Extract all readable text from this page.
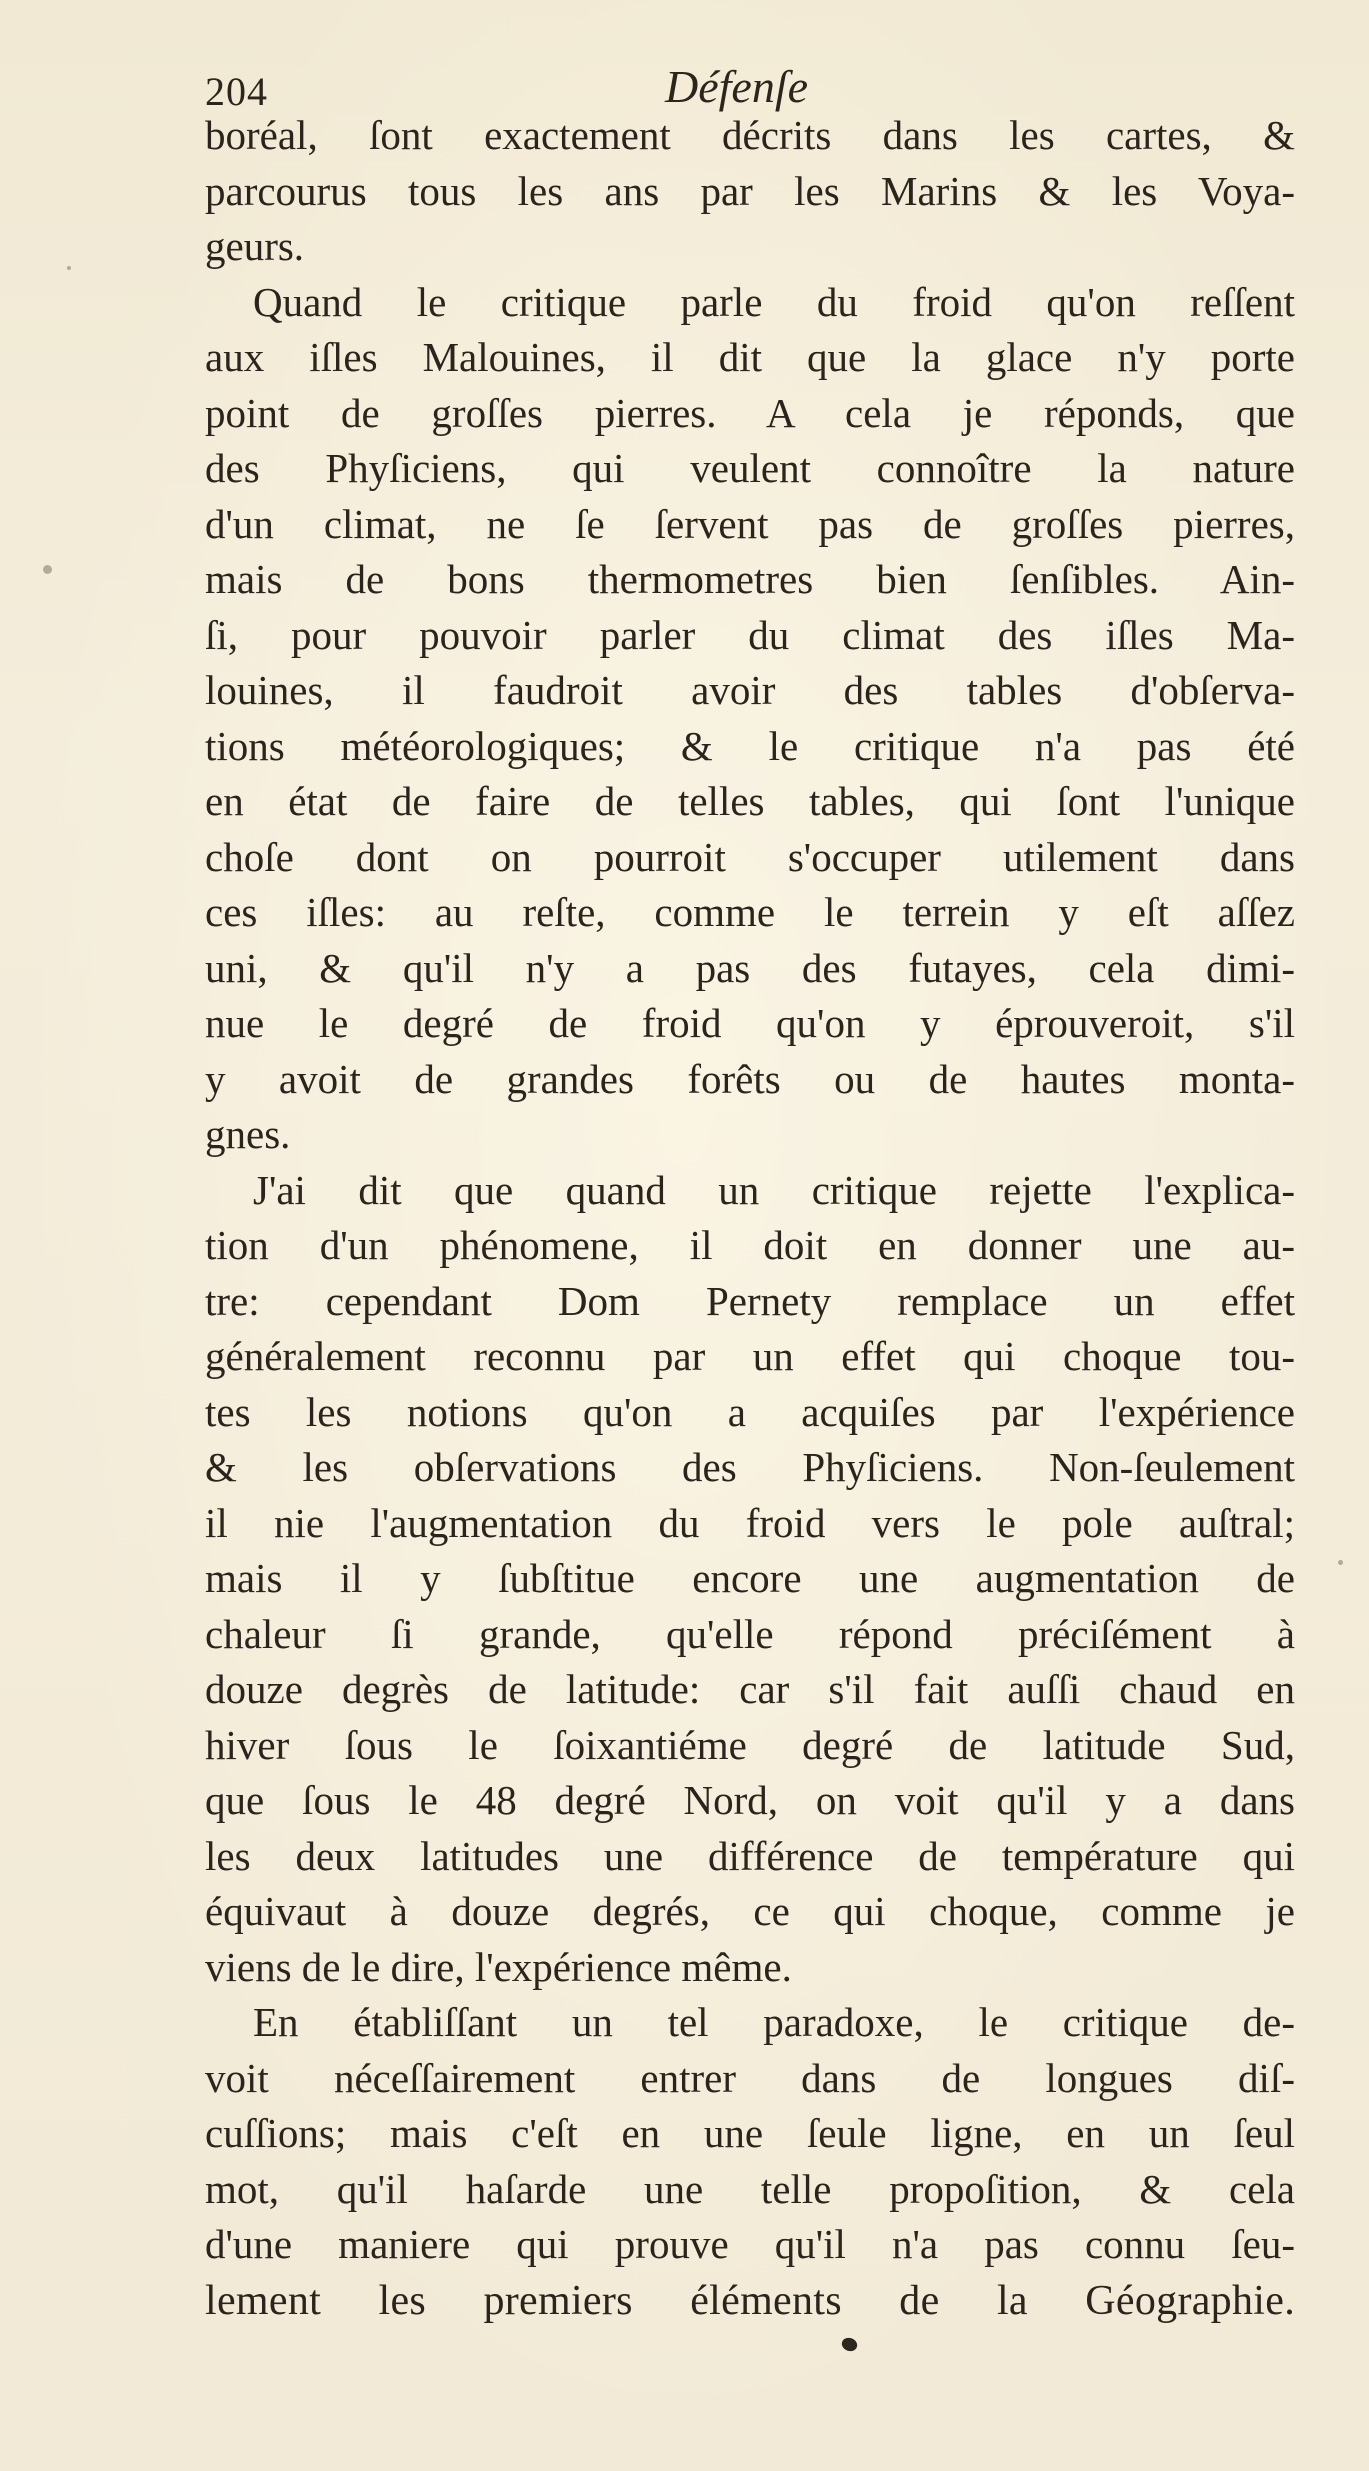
204	Défenſe
boréal, ſont exactement décrits dans les cartes, &
parcourus tous les ans par les Marins & les Voya-
geurs.
Quand le critique parle du froid qu'on reſſent
aux iſles Malouines, il dit que la glace n'y porte
point de groſſes pierres. A cela je réponds, que
des Phyſiciens, qui veulent connoître la nature
d'un climat, ne ſe ſervent pas de groſſes pierres,
mais de bons thermometres bien ſenſibles. Ain-
ſi, pour pouvoir parler du climat des iſles Ma-
louines, il faudroit avoir des tables d'obſerva-
tions météorologiques; & le critique n'a pas été
en état de faire de telles tables, qui ſont l'unique
choſe dont on pourroit s'occuper utilement dans
ces iſles: au reſte, comme le terrein y eſt aſſez
uni, & qu'il n'y a pas des futayes, cela dimi-
nue le degré de froid qu'on y éprouveroit, s'il
y avoit de grandes forêts ou de hautes monta-
gnes.
J'ai dit que quand un critique rejette l'explica-
tion d'un phénomene, il doit en donner une au-
tre: cependant Dom Pernety remplace un effet
généralement reconnu par un effet qui choque tou-
tes les notions qu'on a acquiſes par l'expérience
& les obſervations des Phyſiciens. Non-ſeulement
il nie l'augmentation du froid vers le pole auſtral;
mais il y ſubſtitue encore une augmentation de
chaleur ſi grande, qu'elle répond préciſément à
douze degrès de latitude: car s'il fait auſſi chaud en
hiver ſous le ſoixantiéme degré de latitude Sud,
que ſous le 48 degré Nord, on voit qu'il y a dans
les deux latitudes une différence de température qui
équivaut à douze degrés, ce qui choque, comme je
viens de le dire, l'expérience même.
En établiſſant un tel paradoxe, le critique de-
voit néceſſairement entrer dans de longues diſ-
cuſſions; mais c'eſt en une ſeule ligne, en un ſeul
mot, qu'il haſarde une telle propoſition, & cela
d'une maniere qui prouve qu'il n'a pas connu ſeu-
lement les premiers éléments de la Géographie.
